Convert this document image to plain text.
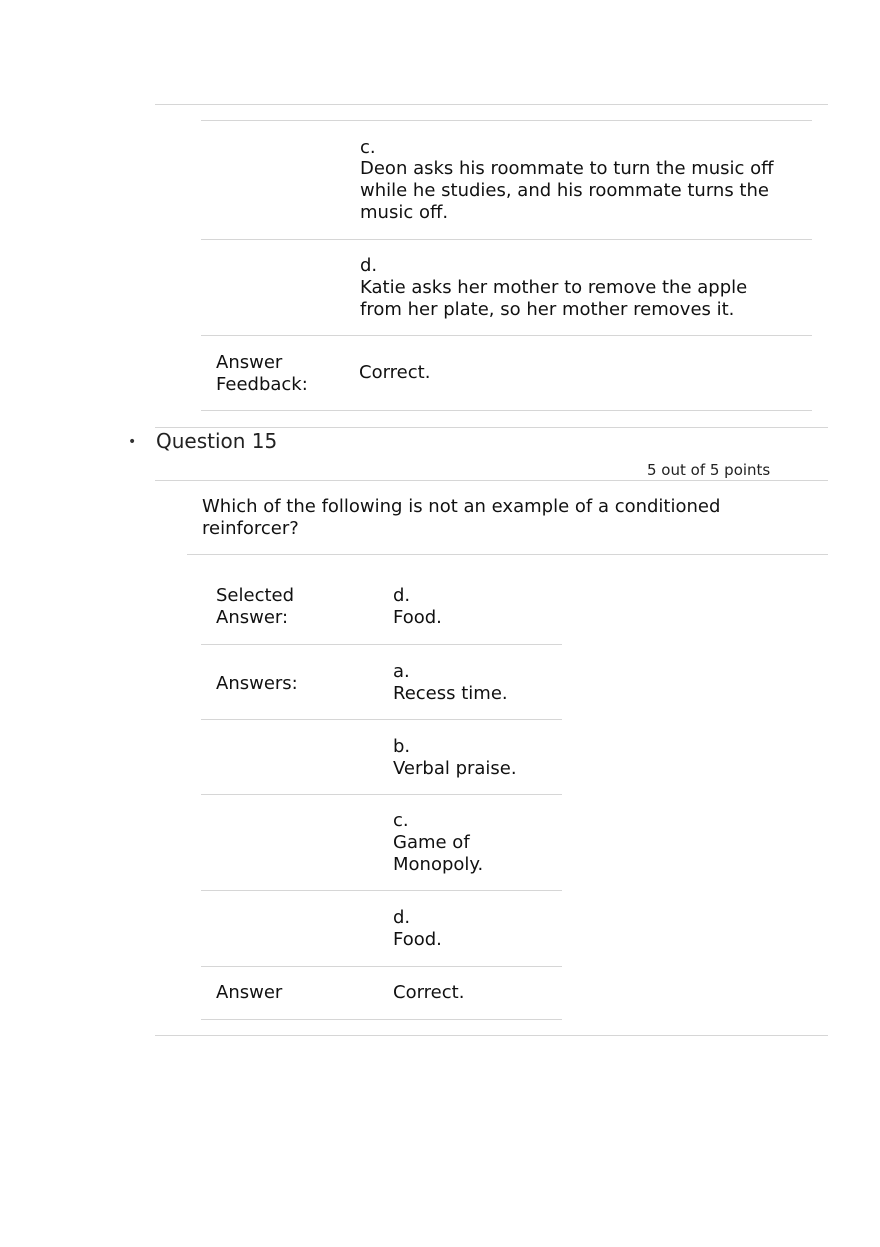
c.
Deon asks his roommate to turn the music off
while he studies, and his roommate turns the
music off.
d.
Katie asks her mother to remove the apple
from her plate, so her mother removes it.
Answer
Feedback:
Correct.
• Question 15
5 out of 5 points
Which of the following is not an example of a conditioned
reinforcer?
Selected
Answer:
d.
Food.
Answers:
a.
Recess time.
b.
Verbal praise.
c.
Game of
Monopoly.
d.
Food.
Answer	Correct.
